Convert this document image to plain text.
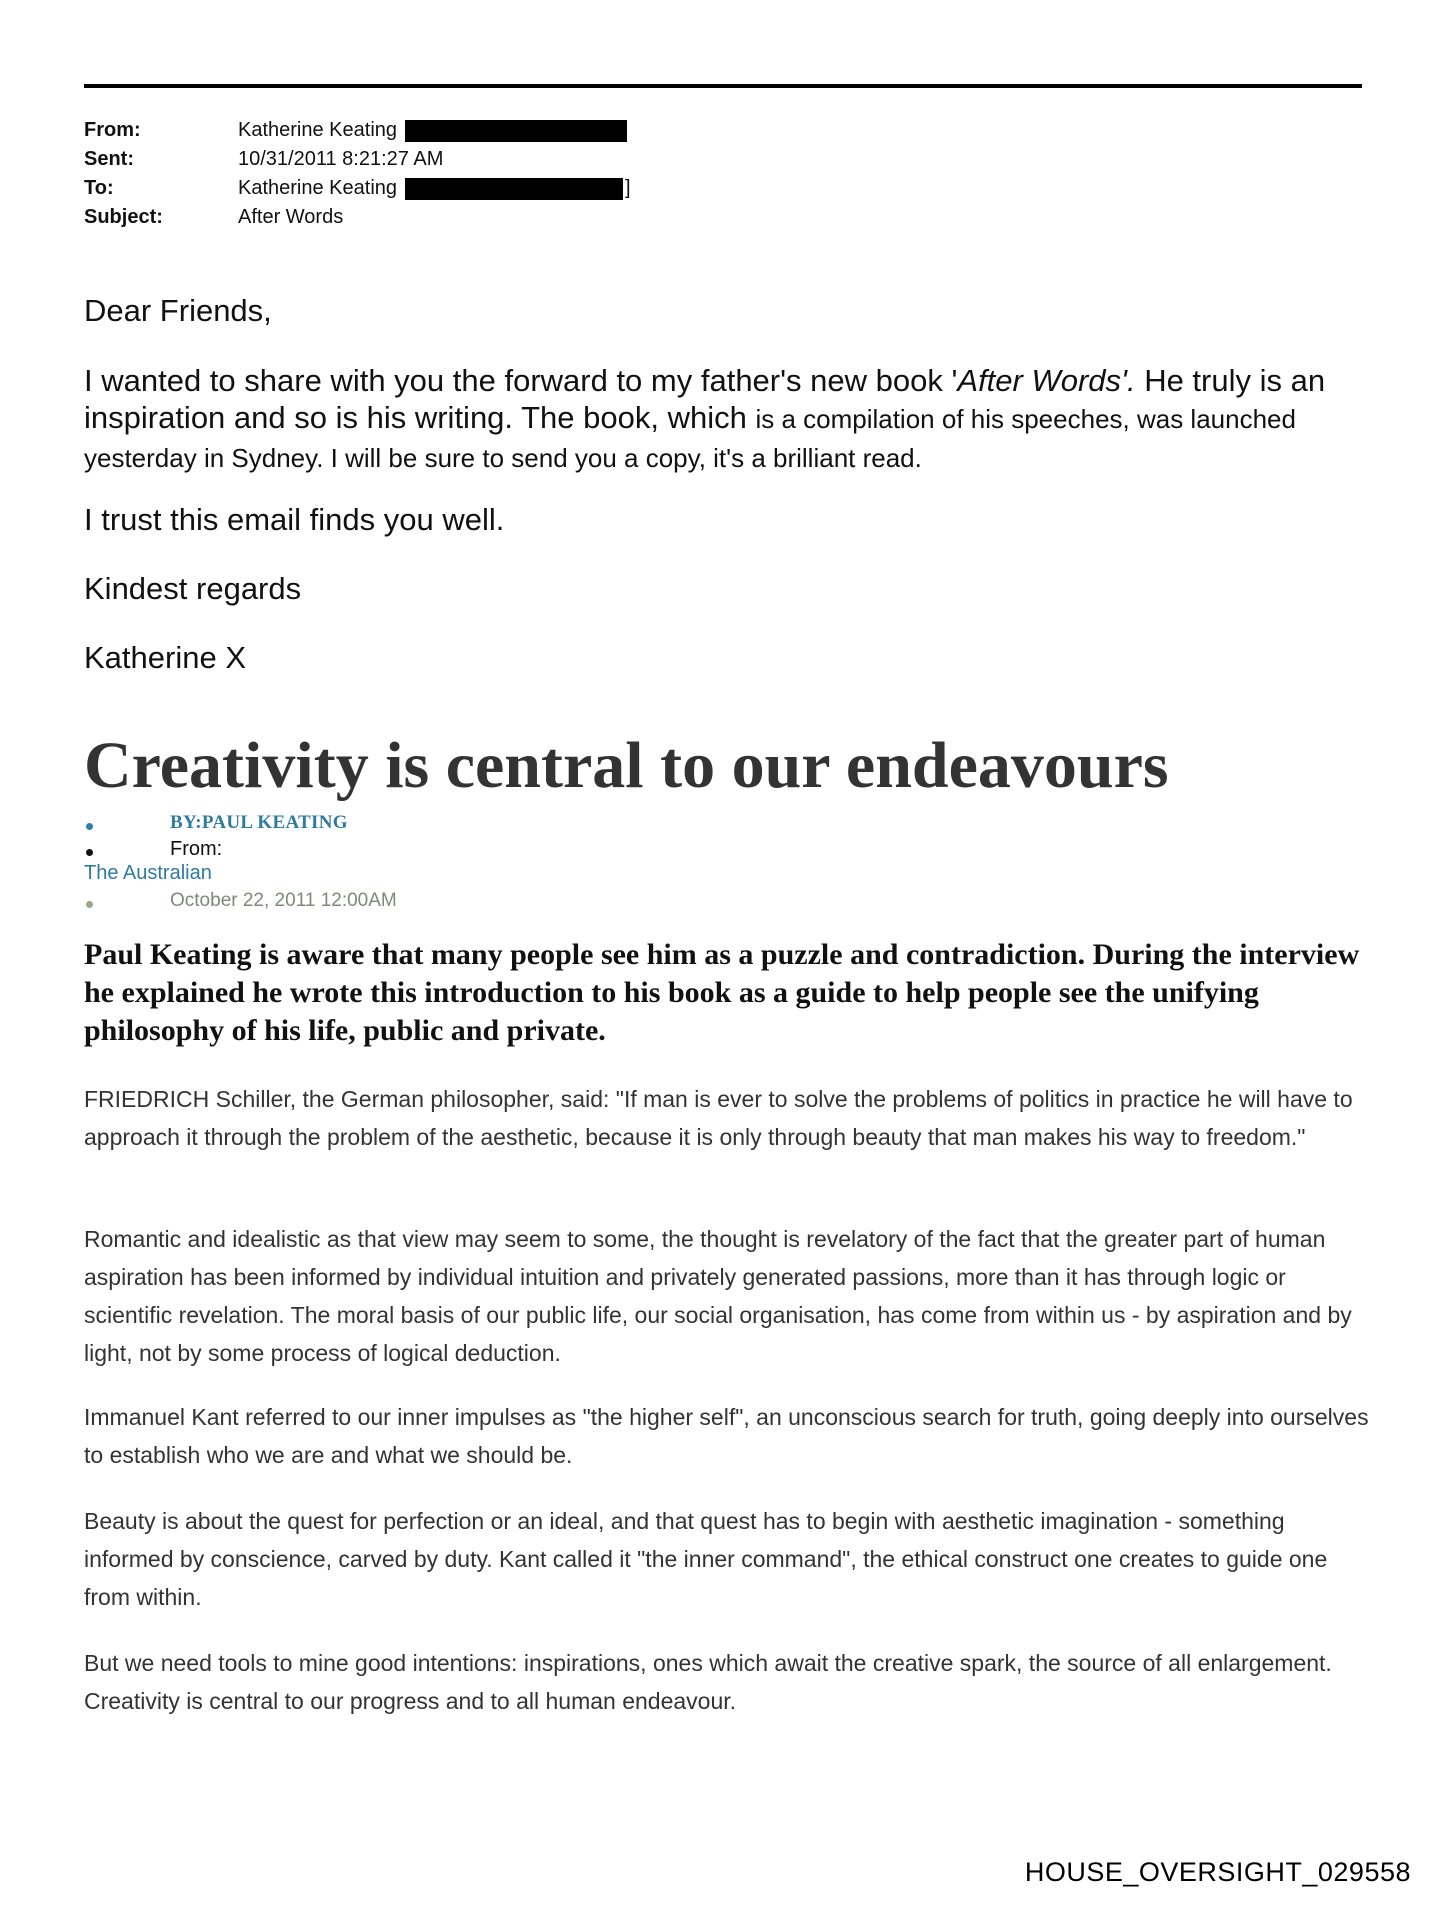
From:	Katherine Keating
Sent:	10/31/2011 8:21:27 AM
To:	Katherine Keating	]
Subject:	After Words
Dear Friends,
I wanted to share with you the forward to my father's new book 'After Words'. He truly is an inspiration and so is his writing. The book, which is a compilation of his speeches, was launched yesterday in Sydney. I will be sure to send you a copy, it's a brilliant read.
I trust this email finds you well.
Kindest regards
Katherine X
Creativity is central to our endeavours
BY:PAUL KEATING
From:
The Australian
October 22, 2011 12:00AM
Paul Keating is aware that many people see him as a puzzle and contradiction. During the interview he explained he wrote this introduction to his book as a guide to help people see the unifying philosophy of his life, public and private.
FRIEDRICH Schiller, the German philosopher, said: "If man is ever to solve the problems of politics in practice he will have to approach it through the problem of the aesthetic, because it is only through beauty that man makes his way to freedom."
Romantic and idealistic as that view may seem to some, the thought is revelatory of the fact that the greater part of human aspiration has been informed by individual intuition and privately generated passions, more than it has through logic or scientific revelation. The moral basis of our public life, our social organisation, has come from within us - by aspiration and by light, not by some process of logical deduction.
Immanuel Kant referred to our inner impulses as "the higher self", an unconscious search for truth, going deeply into ourselves to establish who we are and what we should be.
Beauty is about the quest for perfection or an ideal, and that quest has to begin with aesthetic imagination - something informed by conscience, carved by duty. Kant called it "the inner command", the ethical construct one creates to guide one from within.
But we need tools to mine good intentions: inspirations, ones which await the creative spark, the source of all enlargement. Creativity is central to our progress and to all human endeavour.
HOUSE_OVERSIGHT_029558
